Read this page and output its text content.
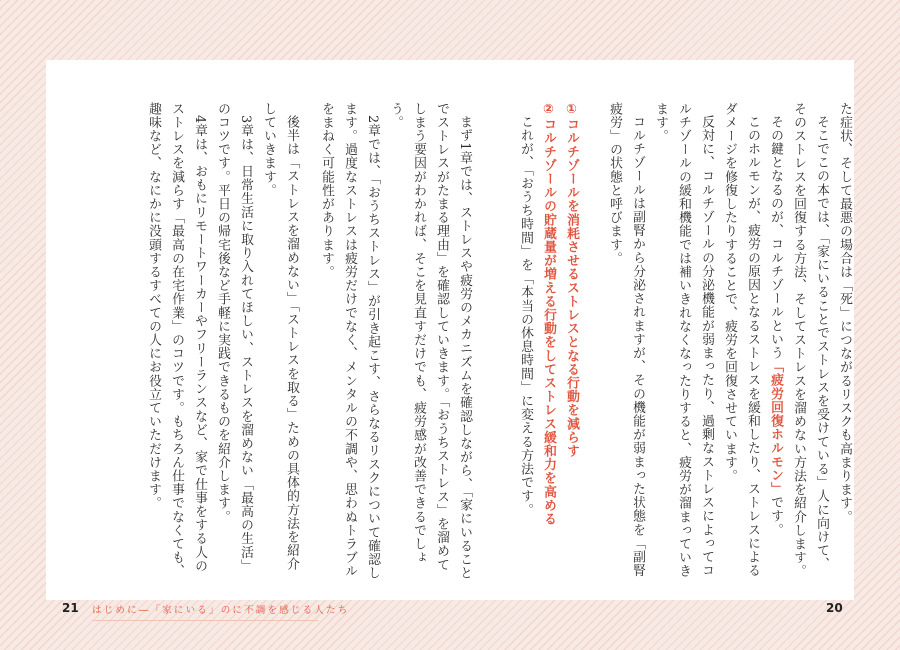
た症状、そして最悪の場合は「死」につながるリスクも高まります。

そこでこの本では、「家にいることでストレスを受けている」人に向けて、そのストレスを回復する方法、そしてストレスを溜めない方法を紹介します。

その鍵となるのが、コルチゾールという「疲労回復ホルモン」です。

このホルモンが、疲労の原因となるストレスを緩和したり、ストレスによるダメージを修復したりすることで、疲労を回復させています。

反対に、コルチゾールの分泌機能が弱まったり、過剰なストレスによってコルチゾールの緩和機能では補いきれなくなったりすると、疲労が溜まっていきます。

コルチゾールは副腎から分泌されますが、その機能が弱まった状態を「副腎疲労」の状態と呼びます。

①コルチゾールを消耗させるストレスとなる行動を減らす

②コルチゾールの貯蔵量が増える行動をしてストレス緩和力を高める

これが、「おうち時間」を「本当の休息時間」に変える方法です。

まず1章では、ストレスや疲労のメカニズムを確認しながら、「家にいることでストレスがたまる理由」を確認していきます。「おうちストレス」を溜めてしまう要因がわかれば、そこを見直すだけでも、疲労感が改善できるでしょう。

2章では、「おうちストレス」が引き起こす、さらなるリスクについて確認します。過度なストレスは疲労だけでなく、メンタルの不調や、思わぬトラブルをまねく可能性があります。

後半は「ストレスを溜めない」「ストレスを取る」ための具体的方法を紹介していきます。

3章は、日常生活に取り入れてほしい、ストレスを溜めない「最高の生活」のコツです。平日の帰宅後など手軽に実践できるものを紹介します。

4章は、おもにリモートワーカーやフリーランスなど、家で仕事をする人のストレスを減らす「最高の在宅作業」のコツです。もちろん仕事でなくても、趣味など、なにかに没頭するすべての人にお役立ていただけます。

21 はじめに―「家にいる」のに不調を感じる人たち	20
